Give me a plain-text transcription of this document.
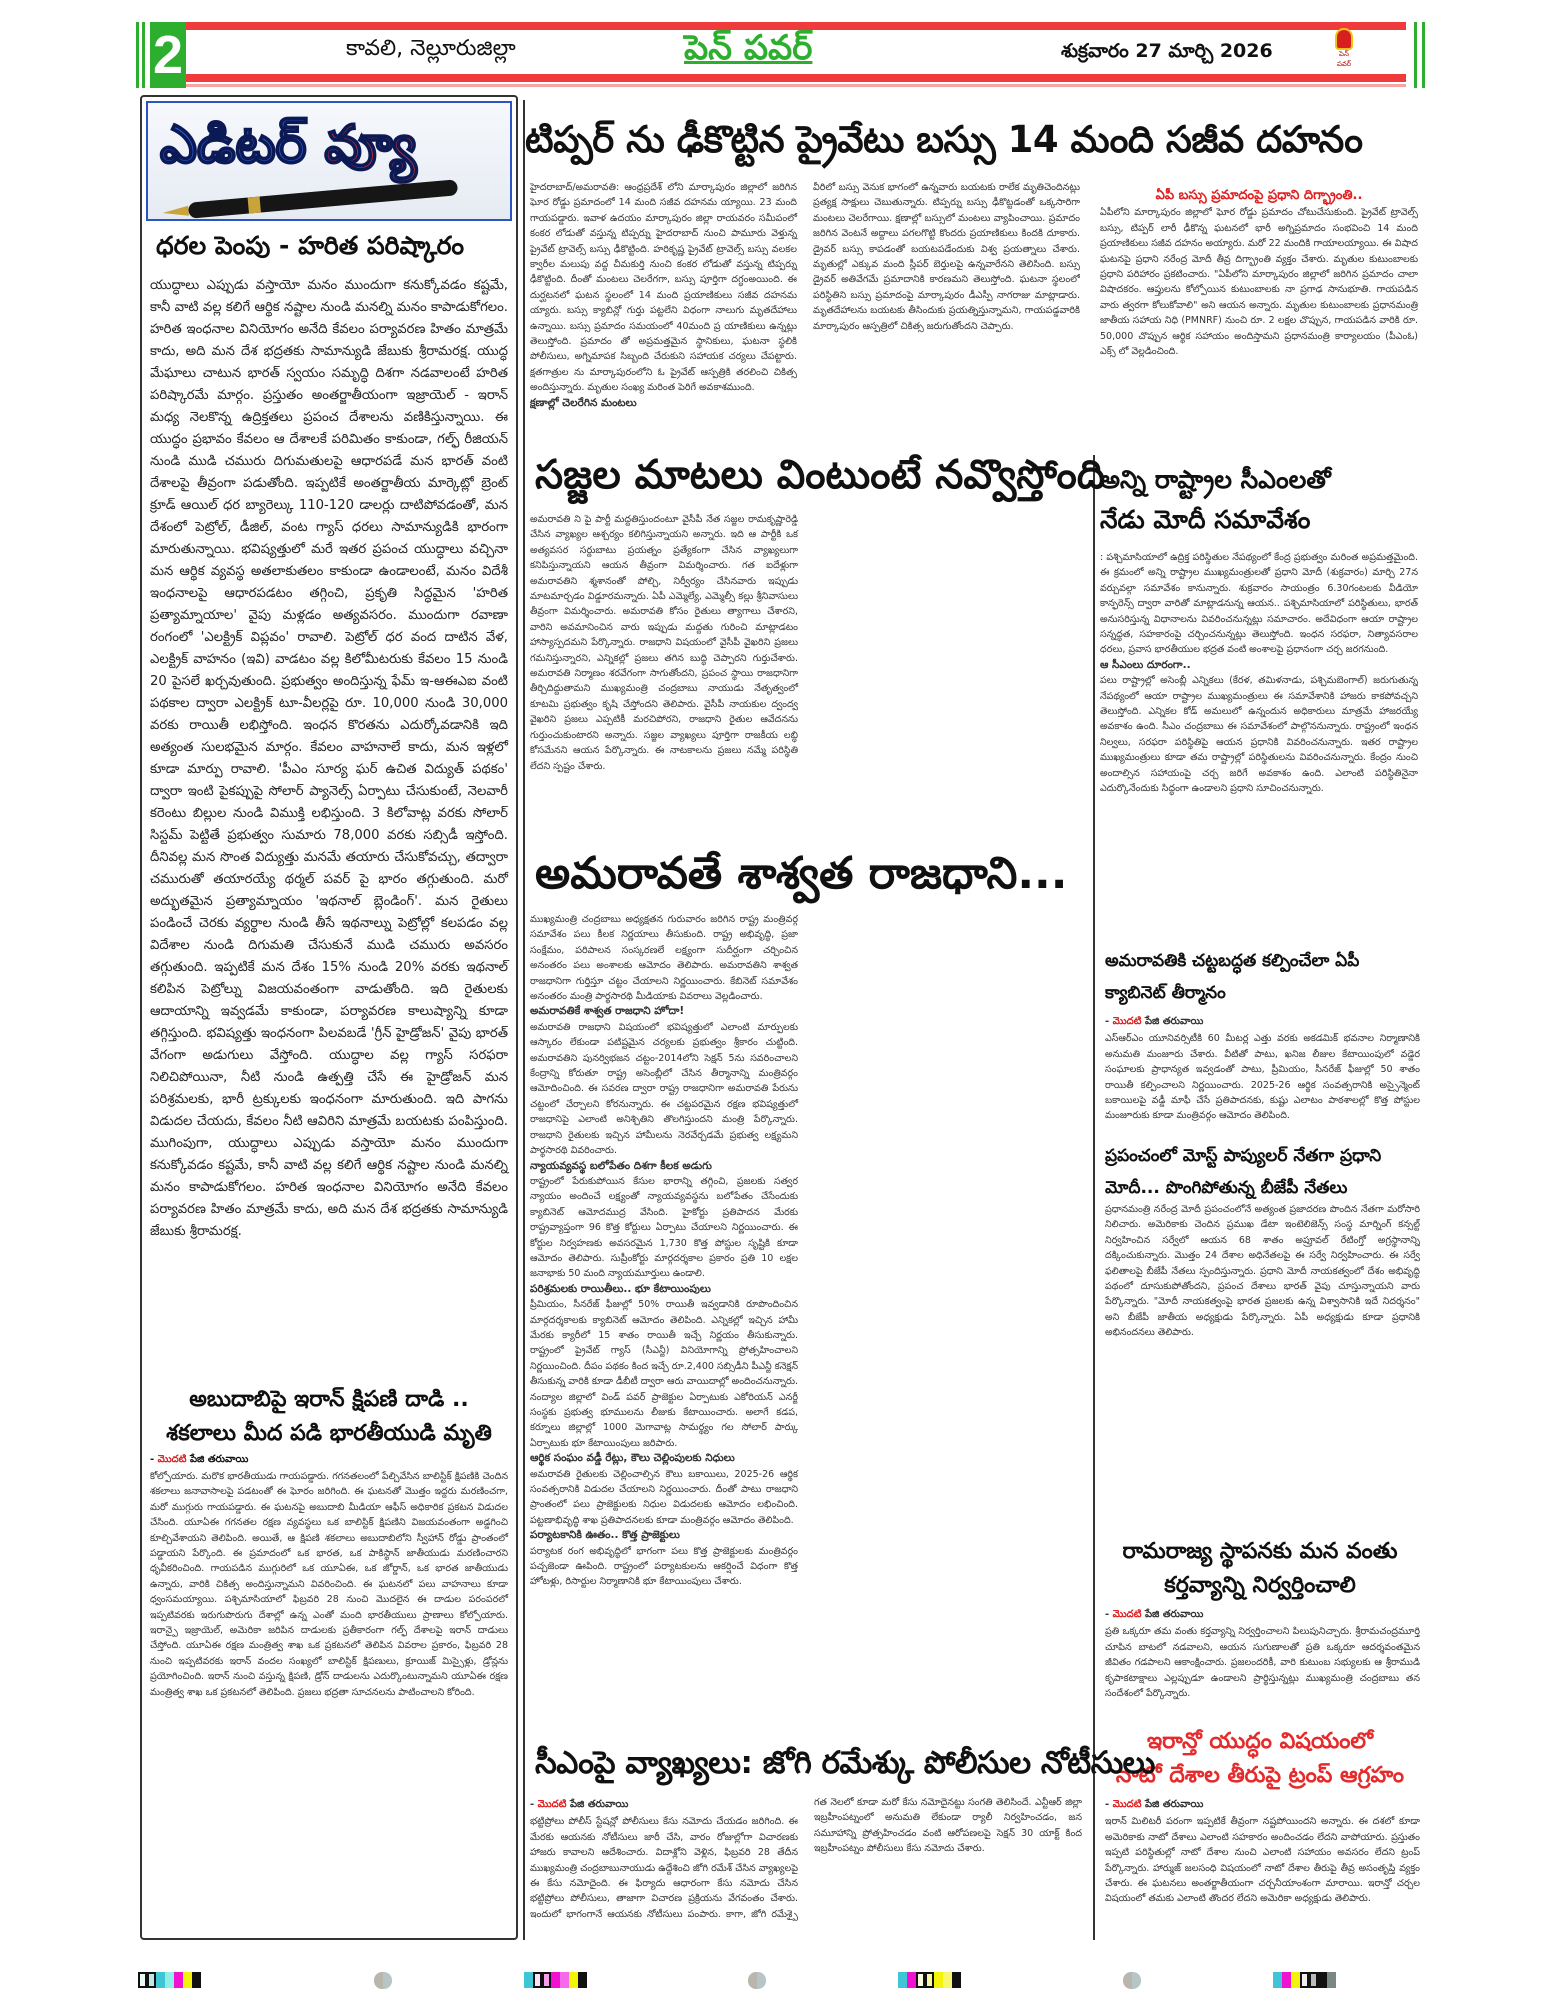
2	కావలి, నెల్లూరుజిల్లా	పెన్ పవర్	శుక్రవారం 27 మార్చి 2026	పెన్ పవర్
ఎడిటర్ వ్యూ
ధరల పెంపు - హరిత పరిష్కారం
యుద్ధాలు ఎప్పుడు వస్తాయో మనం ముందుగా కనుక్కోవడం కష్టమే, కానీ వాటి వల్ల కలిగే ఆర్థిక నష్టాల నుండి మనల్ని మనం కాపాడుకోగలం. హరిత ఇంధనాల వినియోగం అనేది కేవలం పర్యావరణ హితం మాత్రమే కాదు, అది మన దేశ భద్రతకు సామాన్యుడి జేబుకు శ్రీరామరక్ష. యుద్ధ మేఘాలు చాటున భారత్ స్వయం సమృద్ధి దిశగా నడవాలంటే హరిత పరిష్కారమే మార్గం. ప్రస్తుతం అంతర్జాతీయంగా ఇజ్రాయెల్ - ఇరాన్ మధ్య నెలకొన్న ఉద్రిక్తతలు ప్రపంచ దేశాలను వణికిస్తున్నాయి. ఈ యుద్ధం ప్రభావం కేవలం ఆ దేశాలకే పరిమితం కాకుండా, గల్ఫ్ రీజియన్ నుండి ముడి చమురు దిగుమతులపై ఆధారపడే మన భారత్ వంటి దేశాలపై తీవ్రంగా పడుతోంది. ఇప్పటికే అంతర్జాతీయ మార్కెట్లో బ్రెంట్ క్రూడ్ ఆయిల్ ధర బ్యారెల్కు 110-120 డాలర్లు దాటిపోవడంతో, మన దేశంలో పెట్రోల్, డీజిల్, వంట గ్యాస్ ధరలు సామాన్యుడికి భారంగా మారుతున్నాయి. భవిష్యత్తులో మరే ఇతర ప్రపంచ యుద్ధాలు వచ్చినా మన ఆర్థిక వ్యవస్థ అతలాకుతలం కాకుండా ఉండాలంటే, మనం విదేశీ ఇంధనాలపై ఆధారపడటం తగ్గించి, ప్రకృతి సిద్ధమైన 'హరిత ప్రత్యామ్నాయాల' వైపు మళ్లడం అత్యవసరం. ముందుగా రవాణా రంగంలో 'ఎలక్ట్రిక్ విప్లవం' రావాలి. పెట్రోల్ ధర వంద దాటిన వేళ, ఎలక్ట్రిక్ వాహనం (ఇవి) వాడటం వల్ల కిలోమీటరుకు కేవలం 15 నుండి 20 పైసలే ఖర్చవుతుంది. ప్రభుత్వం అందిస్తున్న ఫేమ్ ఇ-ఆఈఎఐ వంటి పథకాల ద్వారా ఎలక్ట్రిక్ టూ-వీలర్లపై రూ. 10,000 నుండి 30,000 వరకు రాయితీ లభిస్తోంది. ఇంధన కొరతను ఎదుర్కోవడానికి ఇది అత్యంత సులభమైన మార్గం. కేవలం వాహనాలే కాదు, మన ఇళ్లలో కూడా మార్పు రావాలి. 'పీఎం సూర్య ఘర్ ఉచిత విద్యుత్ పథకం' ద్వారా ఇంటి పైకప్పుపై సోలార్ ప్యానెల్స్ ఏర్పాటు చేసుకుంటే, నెలవారీ కరెంటు బిల్లుల నుండి విముక్తి లభిస్తుంది. 3 కిలోవాట్ల వరకు సోలార్ సిస్టమ్ పెట్టితే ప్రభుత్వం సుమారు 78,000 వరకు సబ్సిడీ ఇస్తోంది. దీనివల్ల మన సొంత విద్యుత్తు మనమే తయారు చేసుకోవచ్చు, తద్వారా చమురుతో తయారయ్యే థర్మల్ పవర్ పై భారం తగ్గుతుంది. మరో అద్భుతమైన ప్రత్యామ్నాయం 'ఇథనాల్ బ్లెండింగ్'. మన రైతులు పండించే చెరకు వ్యర్థాల నుండి తీసే ఇథనాల్ను పెట్రోల్లో కలపడం వల్ల విదేశాల నుండి దిగుమతి చేసుకునే ముడి చమురు అవసరం తగ్గుతుంది. ఇప్పటికే మన దేశం 15% నుండి 20% వరకు ఇథనాల్ కలిపిన పెట్రోల్ను విజయవంతంగా వాడుతోంది. ఇది రైతులకు ఆదాయాన్ని ఇవ్వడమే కాకుండా, పర్యావరణ కాలుష్యాన్ని కూడా తగ్గిస్తుంది. భవిష్యత్తు ఇంధనంగా పిలవబడే 'గ్రీన్ హైడ్రోజన్' వైపు భారత్ వేగంగా అడుగులు వేస్తోంది. యుద్ధాల వల్ల గ్యాస్ సరఫరా నిలిచిపోయినా, నీటి నుండి ఉత్పత్తి చేసే ఈ హైడ్రోజన్ మన పరిశ్రమలకు, భారీ ట్రక్కులకు ఇంధనంగా మారుతుంది. ఇది పాగను విడుదల చేయదు, కేవలం నీటి ఆవిరిని మాత్రమే బయటకు పంపిస్తుంది. ముగింపుగా, యుద్ధాలు ఎప్పుడు వస్తాయో మనం ముందుగా కనుక్కోవడం కష్టమే, కానీ వాటి వల్ల కలిగే ఆర్థిక నష్టాల నుండి మనల్ని మనం కాపాడుకోగలం. హరిత ఇంధనాల వినియోగం అనేది కేవలం పర్యావరణ హితం మాత్రమే కాదు, అది మన దేశ భద్రతకు సామాన్యుడి జేబుకు శ్రీరామరక్ష.
అబుదాబిపై ఇరాన్ క్షిపణి దాడి ..
శకలాలు మీద పడి భారతీయుడి మృతి
- మొదటి పేజి తరువాయి
కోల్పోయారు. మరొక భారతీయుడు గాయపడ్డారు. గగనతలంలో పేల్చివేసిన బాలిస్టిక్ క్షిపణికి చెందిన శకలాలు జనావాసాలపై పడటంతో ఈ ఘోరం జరిగింది. ఈ ఘటనతో మొత్తం ఇద్దరు మరణించగా, మరో ముగ్గురు గాయపడ్డారు. ఈ ఘటనపై అబుదాబి మీడియా ఆఫీస్ అధికారిక ప్రకటన విడుదల చేసింది. యూఏఈ గగనతల రక్షణ వ్యవస్థలు ఒక బాలిస్టిక్ క్షిపణిని విజయవంతంగా అడ్డగించి కూల్చివేశాయని తెలిపింది. అయితే, ఆ క్షిపణి శకలాలు అబుదాబిలోని స్వీహాన్ రోడ్డు ప్రాంతంలో పడ్డాయని పేర్కొంది. ఈ ప్రమాదంలో ఒక భారత, ఒక పాకిస్థాన్ జాతీయుడు మరణించారని ధృవీకరించింది. గాయపడిన ముగ్గురిలో ఒక యూఏఈ, ఒక జోర్డాన్, ఒక భారత జాతీయుడు ఉన్నారు, వారికి చికిత్స అందిస్తున్నామని వివరించింది. ఈ ఘటనలో పలు వాహనాలు కూడా ధ్వంసమయ్యాయి. పశ్చిమాసియాలో ఫిబ్రవరి 28 నుంచి మొదలైన ఈ దాడుల పరంపరలో ఇప్పటివరకు ఇరుగుపొరుగు దేశాల్లో ఉన్న ఎంతో మంది భారతీయులు ప్రాణాలు కోల్పోయారు. ఇరాన్పై ఇజ్రాయెల్, అమెరికా జరిపిన దాడులకు ప్రతీకారంగా గల్ఫ్ దేశాలపై ఇరాన్ దాడులు చేస్తోంది. యూఏఈ రక్షణ మంత్రిత్వ శాఖ ఒక ప్రకటనలో తెలిపిన వివరాల ప్రకారం, ఫిబ్రవరి 28 నుంచి ఇప్పటివరకు ఇరాన్ వందల సంఖ్యలో బాలిస్టిక్ క్షిపణులు, క్రూయిజ్ మిస్సైళ్లు, డ్రోన్లను ప్రయోగించింది. ఇరాన్ నుంచి వస్తున్న క్షిపణి, డ్రోన్ దాడులను ఎదుర్కొంటున్నామని యూఏఈ రక్షణ మంత్రిత్వ శాఖ ఒక ప్రకటనలో తెలిపింది. ప్రజలు భద్రతా సూచనలను పాటించాలని కోరింది.
టిప్పర్ ను ఢీకొట్టిన ప్రైవేటు బస్సు 14 మంది సజీవ దహనం
హైదరాబాద్/అమరావతి: ఆంధ్రప్రదేశ్ లోని మార్కాపురం జిల్లాలో జరిగిన ఘోర రోడ్డు ప్రమాదంలో 14 మంది సజీవ దహనమ య్యాయి. 23 మంది గాయపడ్డారు. ఇవాళ ఉదయం మార్కాపురం జిల్లా రాయవరం సమీపంలో కంకర లోడుతో వస్తున్న టిప్పర్ను హైదరాబాద్ నుంచి పామూరు వెళ్తున్న ప్రైవేట్ ట్రావెల్స్ బస్సు ఢీకొట్టింది. హరికృష్ణ ప్రైవేట్ ట్రావెల్స్ బస్సు వలకల క్వారీల మలుపు వద్ద చీమకుర్తి నుంచి కంకర లోడుతో వస్తున్న టిప్పర్ను ఢీకొట్టింది. దీంతో మంటలు చెలరేగగా, బస్సు పూర్తిగా దగ్ధంఅయింది. ఈ దుర్ఘటనలో ఘటన స్థలంలో 14 మంది ప్రయాణికులు సజీవ దహనమ య్యారు. బస్సు క్యాబిన్లో గుర్తు పట్టలేని విధంగా నాలుగు మృతదేహాలు ఉన్నాయి. బస్సు ప్రమాదం సమయంలో 40మంది ప్ర యాణికులు ఉన్నట్లు తెలుస్తోంది. ప్రమాదం తో అప్రమత్తమైన స్థానికులు, ఘటనా స్థలికి పోలీసులు, అగ్నిమాపక సిబ్బంది చేరుకుని సహాయక చర్యలు చేపట్టారు. క్షతగాత్రుల ను మార్కాపురంలోని ఓ ప్రైవేట్ ఆస్పత్రికి తరలించి చికిత్స అందిస్తున్నారు. మృతుల సంఖ్య మరింత పెరిగే అవకాశముంది.
క్షణాల్లో చెలరేగిన మంటలు
వీరిలో బస్సు వెనుక భాగంలో ఉన్నవారు బయటకు రాలేక మృతిచెందినట్లు ప్రత్యక్ష సాక్షులు చెబుతున్నారు. టిప్పర్ను బస్సు ఢీకొట్టడంతో ఒక్కసారిగా మంటలు చెలరేగాయి. క్షణాల్లో బస్సులో మంటలు వ్యాపించాయి. ప్రమాదం జరిగిన వెంటనే అద్దాలు పగలగొట్టి కొందరు ప్రయాణికులు కిందకి దూకారు. డ్రైవర్ బస్సు కాపడంతో బయటపడేందుకు విశ్వ ప్రయత్నాలు చేశారు. మృతుల్లో ఎక్కువ మంది స్లీపర్ బెర్తులపై ఉన్నవారేనని తెలిసింది. బస్సు డ్రైవర్ అతివేగమే ప్రమాదానికి కారణమని తెలుస్తోంది. ఘటనా స్థలంలో పరిస్థితిని బస్సు ప్రమాదంపై మార్కాపురం డీఎస్పీ నాగరాజు మాట్లాడారు. మృతదేహాలను బయటకు తీసిందుకు ప్రయత్నిస్తున్నామని, గాయపడ్డవారికి మార్కాపురం ఆస్పత్రిలో చికిత్స జరుగుతోందని చెప్పారు.
ఏపీ బస్సు ప్రమాదంపై ప్రధాని దిగ్భ్రాంతి..
ఏపీలోని మార్కాపురం జిల్లాలో ఘోర రోడ్డు ప్రమాదం చోటుచేసుకుంది. ప్రైవేట్ ట్రావెల్స్ బస్సు, టిప్పర్ లారీ ఢీకొన్న ఘటనలో భారీ అగ్నిప్రమాదం సంభవించి 14 మంది ప్రయాణికులు సజీవ దహనం అయ్యారు. మరో 22 మందికి గాయాలయ్యాయి. ఈ విషాద ఘటనపై ప్రధాని నరేంద్ర మోదీ తీవ్ర దిగ్భ్రాంతి వ్యక్తం చేశారు. మృతుల కుటుంబాలకు ప్రధాని పరిహారం ప్రకటించారు. "ఏపీలోని మార్కాపురం జిల్లాలో జరిగిన ప్రమాదం చాలా విషాదకరం. ఆప్తులను కోల్పోయిన కుటుంబాలకు నా ప్రగాఢ సానుభూతి. గాయపడిన వారు త్వరగా కోలుకోవాలి" అని ఆయన అన్నారు. మృతుల కుటుంబాలకు ప్రధానమంత్రి జాతీయ సహాయ నిధి (PMNRF) నుంచి రూ. 2 లక్షల చొప్పున, గాయపడిన వారికి రూ. 50,000 చొప్పున ఆర్థిక సహాయం అందిస్తామని ప్రధానమంత్రి కార్యాలయం (పీఎంఓ) ఎక్స్ లో వెల్లడించింది.
సజ్జల మాటలు వింటుంటే నవ్వొస్తోంది
అమరావతి ని పై పార్టీ మద్దతిస్తుందంటూ వైసీపీ నేత సజ్జల రామకృష్ణారెడ్డి చేసిన వ్యాఖ్యల ఆశ్చర్యం కలిగిస్తున్నాయని అన్నారు. ఇది ఆ పార్టీకి ఒక అత్యవసర సర్దుబాటు ప్రయత్నం ప్రత్యేకంగా చేసిన వ్యాఖ్యలుగా కనిపిస్తున్నాయని ఆయన తీవ్రంగా విమర్శించారు. గత ఐదేళ్లుగా అమరావతిని శ్మశానంతో పోల్చి, నిర్వీర్యం చేసినవారు ఇప్పుడు మాటమార్చడం విడ్డూరమన్నారు. ఏపీ ఎమ్మెల్యే, ఎమ్మెల్సీ కల్లు శ్రీనివాసులు తీవ్రంగా విమర్శించారు. అమరావతి కోసం రైతులు త్యాగాలు చేశారని, వారిని అవమానించిన వారు ఇప్పుడు మద్దతు గురించి మాట్లాడటం హాస్యాస్పదమని పేర్కొన్నారు. రాజధాని విషయంలో వైసీపీ వైఖరిని ప్రజలు గమనిస్తున్నారని, ఎన్నికల్లో ప్రజలు తగిన బుద్ధి చెప్పారని గుర్తుచేశారు. అమరావతి నిర్మాణం శరవేగంగా సాగుతోందని, ప్రపంచ స్థాయి రాజధానిగా తీర్చిదిద్దుతామని ముఖ్యమంత్రి చంద్రబాబు నాయుడు నేతృత్వంలో కూటమి ప్రభుత్వం కృషి చేస్తోందని తెలిపారు. వైసీపీ నాయకుల ద్వంద్వ వైఖరిని ప్రజలు ఎప్పటికీ మరచిపోరని, రాజధాని రైతుల ఆవేదనను గుర్తుంచుకుంటారని అన్నారు. సజ్జల వ్యాఖ్యలు పూర్తిగా రాజకీయ లబ్ధి కోసమేనని ఆయన పేర్కొన్నారు. ఈ నాటకాలను ప్రజలు నమ్మే పరిస్థితి లేదని స్పష్టం చేశారు.
అన్ని రాష్ట్రాల సీఎంలతో
నేడు మోదీ సమావేశం
: పశ్చిమాసియాలో ఉద్రిక్త పరిస్థితుల నేపథ్యంలో కేంద్ర ప్రభుత్వం మరింత అప్రమత్తమైంది. ఈ క్రమంలో అన్ని రాష్ట్రాల ముఖ్యమంత్రులతో ప్రధాని మోదీ (శుక్రవారం) మార్చి 27న వర్చువల్గా సమావేశం కానున్నారు. శుక్రవారం సాయంత్రం 6.30గంటలకు వీడియో కాన్ఫరెన్స్ ద్వారా వారితో మాట్లాడనున్న ఆయన.. పశ్చిమాసియాలో పరిస్థితులు, భారత్ అనుసరిస్తున్న విధానాలను వివరించనున్నట్లు సమాచారం. అదేవిధంగా ఆయా రాష్ట్రాల సన్నద్ధత, సహకారంపై చర్చించనున్నట్లు తెలుస్తోంది. ఇంధన సరఫరా, నిత్యావసరాల ధరలు, ప్రవాస భారతీయుల భద్రత వంటి అంశాలపై ప్రధానంగా చర్చ జరగనుంది.
ఆ సీఎంలు దూరంగా..
పలు రాష్ట్రాల్లో అసెంబ్లీ ఎన్నికలు (కేరళ, తమిళనాడు, పశ్చిమబెంగాల్) జరుగుతున్న నేపథ్యంలో ఆయా రాష్ట్రాల ముఖ్యమంత్రులు ఈ సమావేశానికి హాజరు కాకపోవచ్చని తెలుస్తోంది. ఎన్నికల కోడ్ అమలులో ఉన్నందున అధికారులు మాత్రమే హాజరయ్యే అవకాశం ఉంది. సీఎం చంద్రబాబు ఈ సమావేశంలో పాల్గొననున్నారు. రాష్ట్రంలో ఇంధన నిల్వలు, సరఫరా పరిస్థితిపై ఆయన ప్రధానికి వివరించనున్నారు. ఇతర రాష్ట్రాల ముఖ్యమంత్రులు కూడా తమ రాష్ట్రాల్లో పరిస్థితులను వివరించనున్నారు. కేంద్రం నుంచి అందాల్సిన సహాయంపై చర్చ జరిగే అవకాశం ఉంది. ఎలాంటి పరిస్థితినైనా ఎదుర్కొనేందుకు సిద్ధంగా ఉండాలని ప్రధాని సూచించనున్నారు.
అమరావతే శాశ్వత రాజధాని...
ముఖ్యమంత్రి చంద్రబాబు అధ్యక్షతన గురువారం జరిగిన రాష్ట్ర మంత్రివర్గ సమావేశం పలు కీలక నిర్ణయాలు తీసుకుంది. రాష్ట్ర అభివృద్ధి, ప్రజా సంక్షేమం, పరిపాలన సంస్కరణలే లక్ష్యంగా సుదీర్ఘంగా చర్చించిన అనంతరం పలు అంశాలకు ఆమోదం తెలిపారు. అమరావతిని శాశ్వత రాజధానిగా గుర్తిస్తూ చట్టం చేయాలని నిర్ణయించారు. కేబినెట్ సమావేశం అనంతరం మంత్రి పార్థసారథి మీడియాకు వివరాలు వెల్లడించారు.
అమరావతికే శాశ్వత రాజధాని హోదా!
అమరావతి రాజధాని విషయంలో భవిష్యత్తులో ఎలాంటి మార్పులకు ఆస్కారం లేకుండా పటిష్టమైన చర్యలకు ప్రభుత్వం శ్రీకారం చుట్టింది. అమరావతిని పునర్విభజన చట్టం-2014లోని సెక్షన్ 5ను సవరించాలని కేంద్రాన్ని కోరుతూ రాష్ట్ర అసెంబ్లీలో చేసిన తీర్మానాన్ని మంత్రివర్గం ఆమోదించింది. ఈ సవరణ ద్వారా రాష్ట్ర రాజధానిగా అమరావతి పేరును చట్టంలో చేర్చాలని కోరనున్నారు. ఈ చట్టపరమైన రక్షణ భవిష్యత్తులో రాజధానిపై ఎలాంటి అనిశ్చితిని తొలగిస్తుందని మంత్రి పేర్కొన్నారు. రాజధాని రైతులకు ఇచ్చిన హామీలను నెరవేర్చడమే ప్రభుత్వ లక్ష్యమని పార్థసారథి వివరించారు.
న్యాయవ్యవస్థ బలోపేతం దిశగా కీలక అడుగు
రాష్ట్రంలో పేరుకుపోయిన కేసుల భారాన్ని తగ్గించి, ప్రజలకు సత్వర న్యాయం అందించే లక్ష్యంతో న్యాయవ్యవస్థను బలోపేతం చేసేందుకు క్యాబినెట్ ఆమోదముద్ర వేసింది. హైకోర్టు ప్రతిపాదన మేరకు రాష్ట్రవ్యాప్తంగా 96 కొత్త కోర్టులు ఏర్పాటు చేయాలని నిర్ణయించారు. ఈ కోర్టుల నిర్వహణకు అవసరమైన 1,730 కొత్త పోస్టుల సృష్టికి కూడా ఆమోదం తెలిపారు. సుప్రీంకోర్టు మార్గదర్శకాల ప్రకారం ప్రతి 10 లక్షల జనాభాకు 50 మంది న్యాయమూర్తులు ఉండాలి.
పరిశ్రమలకు రాయితీలు.. భూ కేటాయింపులు
ప్రీమియం, సీనరేజ్ ఫీజుల్లో 50% రాయితీ ఇవ్వడానికి రూపొందించిన మార్గదర్శకాలకు క్యాబినెట్ ఆమోదం తెలిపింది. ఎన్నికల్లో ఇచ్చిన హామీ మేరకు క్యారీలో 15 శాతం రాయితీ ఇచ్చే నిర్ణయం తీసుకున్నారు. రాష్ట్రంలో ప్రైవేట్ గ్యాస్ (సీఎన్జీ) వినియోగాన్ని ప్రోత్సహించాలని నిర్ణయించింది. దీపం పథకం కింద ఇచ్చే రూ.2,400 సబ్సిడీని పీఎన్జీ కనెక్షన్ తీసుకున్న వారికి కూడా డీబీటీ ద్వారా ఆరు వాయిదాల్లో అందించనున్నారు. నంద్యాల జిల్లాలో విండ్ పవర్ ప్రాజెక్టుల ఏర్పాటుకు ఎకోరియన్ ఎనర్జీ సంస్థకు ప్రభుత్వ భూములను లీజుకు కేటాయించారు. అలాగే కడప, కర్నూలు జిల్లాల్లో 1000 మెగావాట్ల సామర్థ్యం గల సోలార్ పార్కు ఏర్పాటుకు భూ కేటాయింపులు జరిపారు.
ఆర్థిక సంఘం వడ్డీ రేట్లు, కౌలు చెల్లింపులకు నిధులు
అమరావతి రైతులకు చెల్లించాల్సిన కౌలు బకాయిలు, 2025-26 ఆర్థిక సంవత్సరానికి విడుదల చేయాలని నిర్ణయించారు. దీంతో పాటు రాజధాని ప్రాంతంలో పలు ప్రాజెక్టులకు నిధుల విడుదలకు ఆమోదం లభించింది. పట్టణాభివృద్ధి శాఖ ప్రతిపాదనలకు కూడా మంత్రివర్గం ఆమోదం తెలిపింది.
పర్యాటకానికి ఊతం.. కొత్త ప్రాజెక్టులు
పర్యాటక రంగ అభివృద్ధిలో భాగంగా పలు కొత్త ప్రాజెక్టులకు మంత్రివర్గం పచ్చజెండా ఊపింది. రాష్ట్రంలో పర్యాటకులను ఆకర్షించే విధంగా కొత్త హోటళ్లు, రిసార్టుల నిర్మాణానికి భూ కేటాయింపులు చేశారు.
అమరావతికి చట్టబద్ధత కల్పించేలా ఏపీ
క్యాబినెట్ తీర్మానం
- మొదటి పేజి తరువాయి
ఎస్ఆర్ఎం యూనివర్సిటీకి 60 మీటర్ల ఎత్తు వరకు అకడమిక్ భవనాల నిర్మాణానికి అనుమతి మంజూరు చేశారు. వీటితో పాటు, ఖనిజ లీజుల కేటాయింపులో వడ్డెర సంఘాలకు ప్రాధాన్యత ఇవ్వడంతో పాటు, ప్రీమియం, సీనరేజ్ ఫీజుల్లో 50 శాతం రాయితీ కల్పించాలని నిర్ణయించారు. 2025-26 ఆర్థిక సంవత్సరానికి అస్సైన్మెంట్ బకాయిలపై వడ్డీ మాఫీ చేసే ప్రతిపాదనకు, కుష్టు ఎలాటం పాఠశాలల్లో కొత్త పోస్టుల మంజూరుకు కూడా మంత్రివర్గం ఆమోదం తెలిపింది.
ప్రపంచంలో మోస్ట్ పాప్యులర్ నేతగా ప్రధాని
మోదీ... పొంగిపోతున్న బీజేపీ నేతలు
ప్రధానమంత్రి నరేంద్ర మోదీ ప్రపంచంలోనే అత్యంత ప్రజాదరణ పొందిన నేతగా మరోసారి నిలిచారు. అమెరికాకు చెందిన ప్రముఖ డేటా ఇంటెలిజెన్స్ సంస్థ మార్నింగ్ కన్సల్ట్ నిర్వహించిన సర్వేలో ఆయన 68 శాతం అప్రూవల్ రేటింగ్తో అగ్రస్థానాన్ని దక్కించుకున్నారు. మొత్తం 24 దేశాల అధినేతలపై ఈ సర్వే నిర్వహించారు. ఈ సర్వే ఫలితాలపై బీజేపీ నేతలు స్పందిస్తున్నారు. ప్రధాని మోదీ నాయకత్వంలో దేశం అభివృద్ధి పథంలో దూసుకుపోతోందని, ప్రపంచ దేశాలు భారత్ వైపు చూస్తున్నాయని వారు పేర్కొన్నారు. "మోదీ నాయకత్వంపై భారత ప్రజలకు ఉన్న విశ్వాసానికి ఇదే నిదర్శనం" అని బీజేపీ జాతీయ అధ్యక్షుడు పేర్కొన్నారు. ఏపీ అధ్యక్షుడు కూడా ప్రధానికి అభినందనలు తెలిపారు.
రామరాజ్య స్థాపనకు మన వంతు
కర్తవ్యాన్ని నిర్వర్తించాలి
- మొదటి పేజి తరువాయి
ప్రతి ఒక్కరూ తమ వంతు కర్తవ్యాన్ని నిర్వర్తించాలని పిలుపునిచ్చారు. శ్రీరామచంద్రమూర్తి చూపిన బాటలో నడవాలని, ఆయన సుగుణాలతో ప్రతి ఒక్కరూ ఆదర్శవంతమైన జీవితం గడపాలని ఆకాంక్షించారు. ప్రజలందరికీ, వారి కుటుంబ సభ్యులకు ఆ శ్రీరాముడి కృపాకటాక్షాలు ఎల్లప్పుడూ ఉండాలని ప్రార్థిస్తున్నట్లు ముఖ్యమంత్రి చంద్రబాబు తన సందేశంలో పేర్కొన్నారు.
ఇరాన్తో యుద్ధం విషయంలో
నాటో దేశాల తీరుపై ట్రంప్ ఆగ్రహం
- మొదటి పేజి తరువాయి
ఇరాన్ మిలిటరీ పరంగా ఇప్పటికే తీవ్రంగా నష్టపోయిందని అన్నారు. ఈ దశలో కూడా అమెరికాకు నాటో దేశాలు ఎలాంటి సహకారం అందించడం లేదని వాపోయారు. ప్రస్తుతం ఇప్పటి పరిస్థితుల్లో నాటో దేశాల నుంచి ఎలాంటి సహాయం అవసరం లేదని ట్రంప్ పేర్కొన్నారు. హార్ముజ్ జలసంధి విషయంలో నాటో దేశాల తీరుపై తీవ్ర అసంతృప్తి వ్యక్తం చేశారు. ఈ ఘటనలు అంతర్జాతీయంగా చర్చనీయాంశంగా మారాయి. ఇరాన్తో చర్చల విషయంలో తమకు ఎలాంటి తొందర లేదని అమెరికా అధ్యక్షుడు తెలిపారు.
సీఎంపై వ్యాఖ్యలు: జోగి రమేశ్కు పోలీసుల నోటీసులు
- మొదటి పేజి తరువాయి
భట్టిప్రోలు పోలీస్ స్టేషన్లో పోలీసులు కేసు నమోదు చేయడం జరిగింది. ఈ మేరకు ఆయనకు నోటీసులు జారీ చేసి, వారం రోజుల్లోగా విచారణకు హాజరు కావాలని ఆదేశించారు. విదాశ్లోని వెళ్లిన, ఫిబ్రవరి 28 తేదీన ముఖ్యమంత్రి చంద్రబాబునాయుడు ఉద్దేశించి జోగి రమేశ్ చేసిన వ్యాఖ్యలపై ఈ కేసు నమోదైంది. ఈ ఫిర్యాదు ఆధారంగా కేసు నమోదు చేసిన భట్టిప్రోలు పోలీసులు, తాజాగా విచారణ ప్రక్రియను వేగవంతం చేశారు. ఇందులో భాగంగానే ఆయనకు నోటీసులు పంపారు. కాగా, జోగి రమేశ్పై గత నెలలో కూడా మరో కేసు నమోదైనట్టు సంగతి తెలిసిందే. ఎన్టీఆర్ జిల్లా ఇబ్రహీంపట్నంలో అనుమతి లేకుండా ర్యాలీ నిర్వహించడం, జన సమూహాన్ని ప్రోత్సహించడం వంటి ఆరోపణలపై సెక్షన్ 30 యాక్ట్ కింద ఇబ్రహీంపట్నం పోలీసులు కేసు నమోదు చేశారు.
